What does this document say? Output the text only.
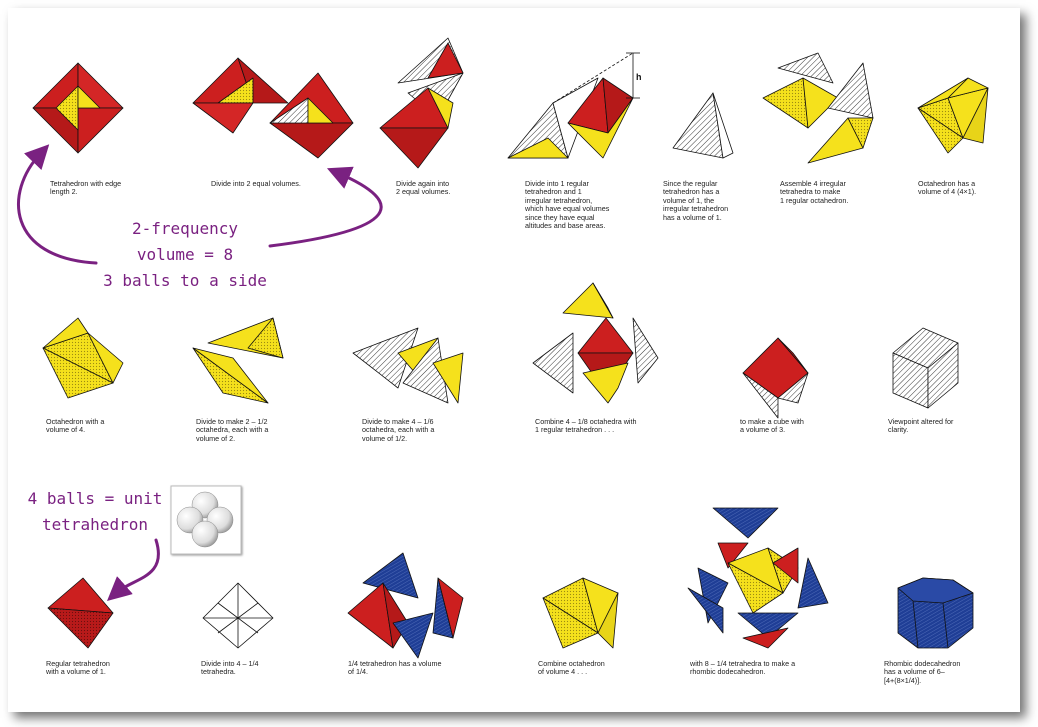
h
Tetrahedron with edge
length 2.
Divide into 2 equal volumes.	Divide again into
2 equal volumes.
Divide into 1 regular
tetrahedron and 1
irregular tetrahedron,
which have equal volumes
since they have equal
altitudes and base areas.
Since the regular
tetrahedron has a
volume of 1, the
irregular tetrahedron
has a volume of 1.
Assemble 4 irregular
tetrahedra to make
1 regular octahedron.
Octahedron has a
volume of 4 (4×1).
Octahedron with a
volume of 4.
Divide to make 2 – 1/2
octahedra, each with a
volume of 2.
Divide to make 4 – 1/6
octahedra, each with a
volume of 1/2.
Combine 4 – 1/8 octahedra with
1 regular tetrahedron . . .
to make a cube with
a volume of 3.
Viewpoint altered for
clarity.
Regular tetrahedron
with a volume of 1.
Divide into 4 – 1/4
tetrahedra.
1/4 tetrahedron has a volume
of 1/4.
Combine octahedron
of volume 4 . . .
with 8 – 1/4 tetrahedra to make a
rhombic dodecahedron.
Rhombic dodecahedron
has a volume of 6–
[4+(8×1/4)].
2-frequency
volume = 8
3 balls to a side
4 balls = unit
tetrahedron
